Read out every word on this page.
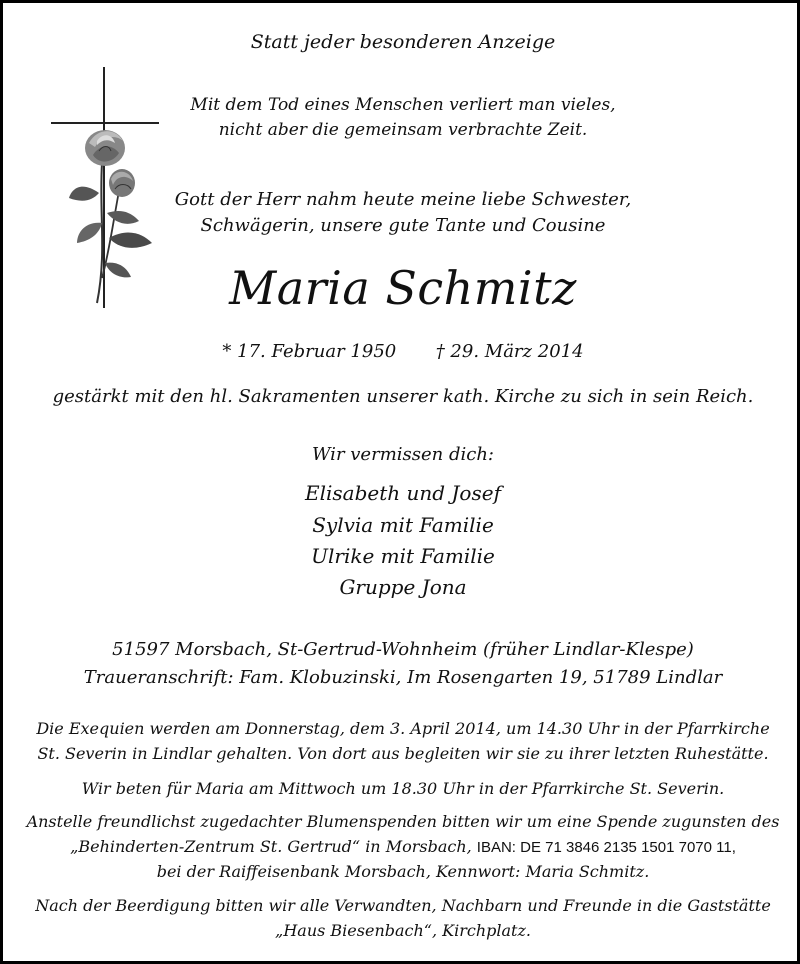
Statt jeder besonderen Anzeige
Mit dem Tod eines Menschen verliert man vieles,
nicht aber die gemeinsam verbrachte Zeit.
Gott der Herr nahm heute meine liebe Schwester,
Schwägerin, unsere gute Tante und Cousine
Maria Schmitz
* 17. Februar 1950 † 29. März 2014
gestärkt mit den hl. Sakramenten unserer kath. Kirche zu sich in sein Reich.
Wir vermissen dich:
Elisabeth und Josef
Sylvia mit Familie
Ulrike mit Familie
Gruppe Jona
51597 Morsbach, St-Gertrud-Wohnheim (früher Lindlar-Klespe)
Traueranschrift: Fam. Klobuzinski, Im Rosengarten 19, 51789 Lindlar
Die Exequien werden am Donnerstag, dem 3. April 2014, um 14.30 Uhr in der Pfarrkirche
St. Severin in Lindlar gehalten. Von dort aus begleiten wir sie zu ihrer letzten Ruhestätte.
Wir beten für Maria am Mittwoch um 18.30 Uhr in der Pfarrkirche St. Severin.
Anstelle freundlichst zugedachter Blumenspenden bitten wir um eine Spende zugunsten des
„Behinderten-Zentrum St. Gertrud“ in Morsbach, IBAN: DE 71 3846 2135 1501 7070 11,
bei der Raiffeisenbank Morsbach, Kennwort: Maria Schmitz.
Nach der Beerdigung bitten wir alle Verwandten, Nachbarn und Freunde in die Gaststätte
„Haus Biesenbach“, Kirchplatz.
